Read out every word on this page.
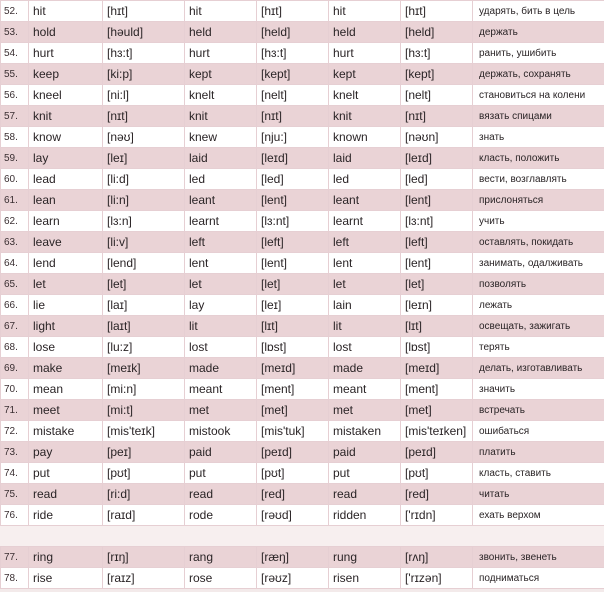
52.	hit	[hɪt]	hit	[hɪt]	hit	[hɪt]	ударять, бить в цель
53.	hold	[həuld]	held	[held]	held	[held]	держать
54.	hurt	[hɜ:t]	hurt	[hɜ:t]	hurt	[hɜ:t]	ранить, ушибить
55.	keep	[ki:p]	kept	[kept]	kept	[kept]	держать, сохранять
56.	kneel	[ni:l]	knelt	[nelt]	knelt	[nelt]	становиться на колени
57.	knit	[nɪt]	knit	[nɪt]	knit	[nɪt]	вязать спицами
58.	know	[nəʊ]	knew	[nju:]	known	[nəʊn]	знать
59.	lay	[leɪ]	laid	[leɪd]	laid	[leɪd]	класть, положить
60.	lead	[li:d]	led	[led]	led	[led]	вести, возглавлять
61.	lean	[li:n]	leant	[lent]	leant	[lent]	прислоняться
62.	learn	[lɜ:n]	learnt	[lɜ:nt]	learnt	[lɜ:nt]	учить
63.	leave	[li:v]	left	[left]	left	[left]	оставлять, покидать
64.	lend	[lend]	lent	[lent]	lent	[lent]	занимать, одалживать
65.	let	[let]	let	[let]	let	[let]	позволять
66.	lie	[laɪ]	lay	[leɪ]	lain	[leɪn]	лежать
67.	light	[laɪt]	lit	[lɪt]	lit	[lɪt]	освещать, зажигать
68.	lose	[lu:z]	lost	[lɒst]	lost	[lɒst]	терять
69.	make	[meɪk]	made	[meɪd]	made	[meɪd]	делать, изготавливать
70.	mean	[mi:n]	meant	[ment]	meant	[ment]	значить
71.	meet	[mi:t]	met	[met]	met	[met]	встречать
72.	mistake	[mis'teɪk]	mistook	[mis'tuk]	mistaken	[mis'teɪken]	ошибаться
73.	pay	[peɪ]	paid	[peɪd]	paid	[peɪd]	платить
74.	put	[pʊt]	put	[pʊt]	put	[pʊt]	класть, ставить
75.	read	[ri:d]	read	[red]	read	[red]	читать
76.	ride	[raɪd]	rode	[rəʊd]	ridden	['rɪdn]	ехать верхом

77.	ring	[rɪŋ]	rang	[ræŋ]	rung	[rʌŋ]	звонить, звенеть
78.	rise	[raɪz]	rose	[rəʊz]	risen	['rɪzən]	подниматься
